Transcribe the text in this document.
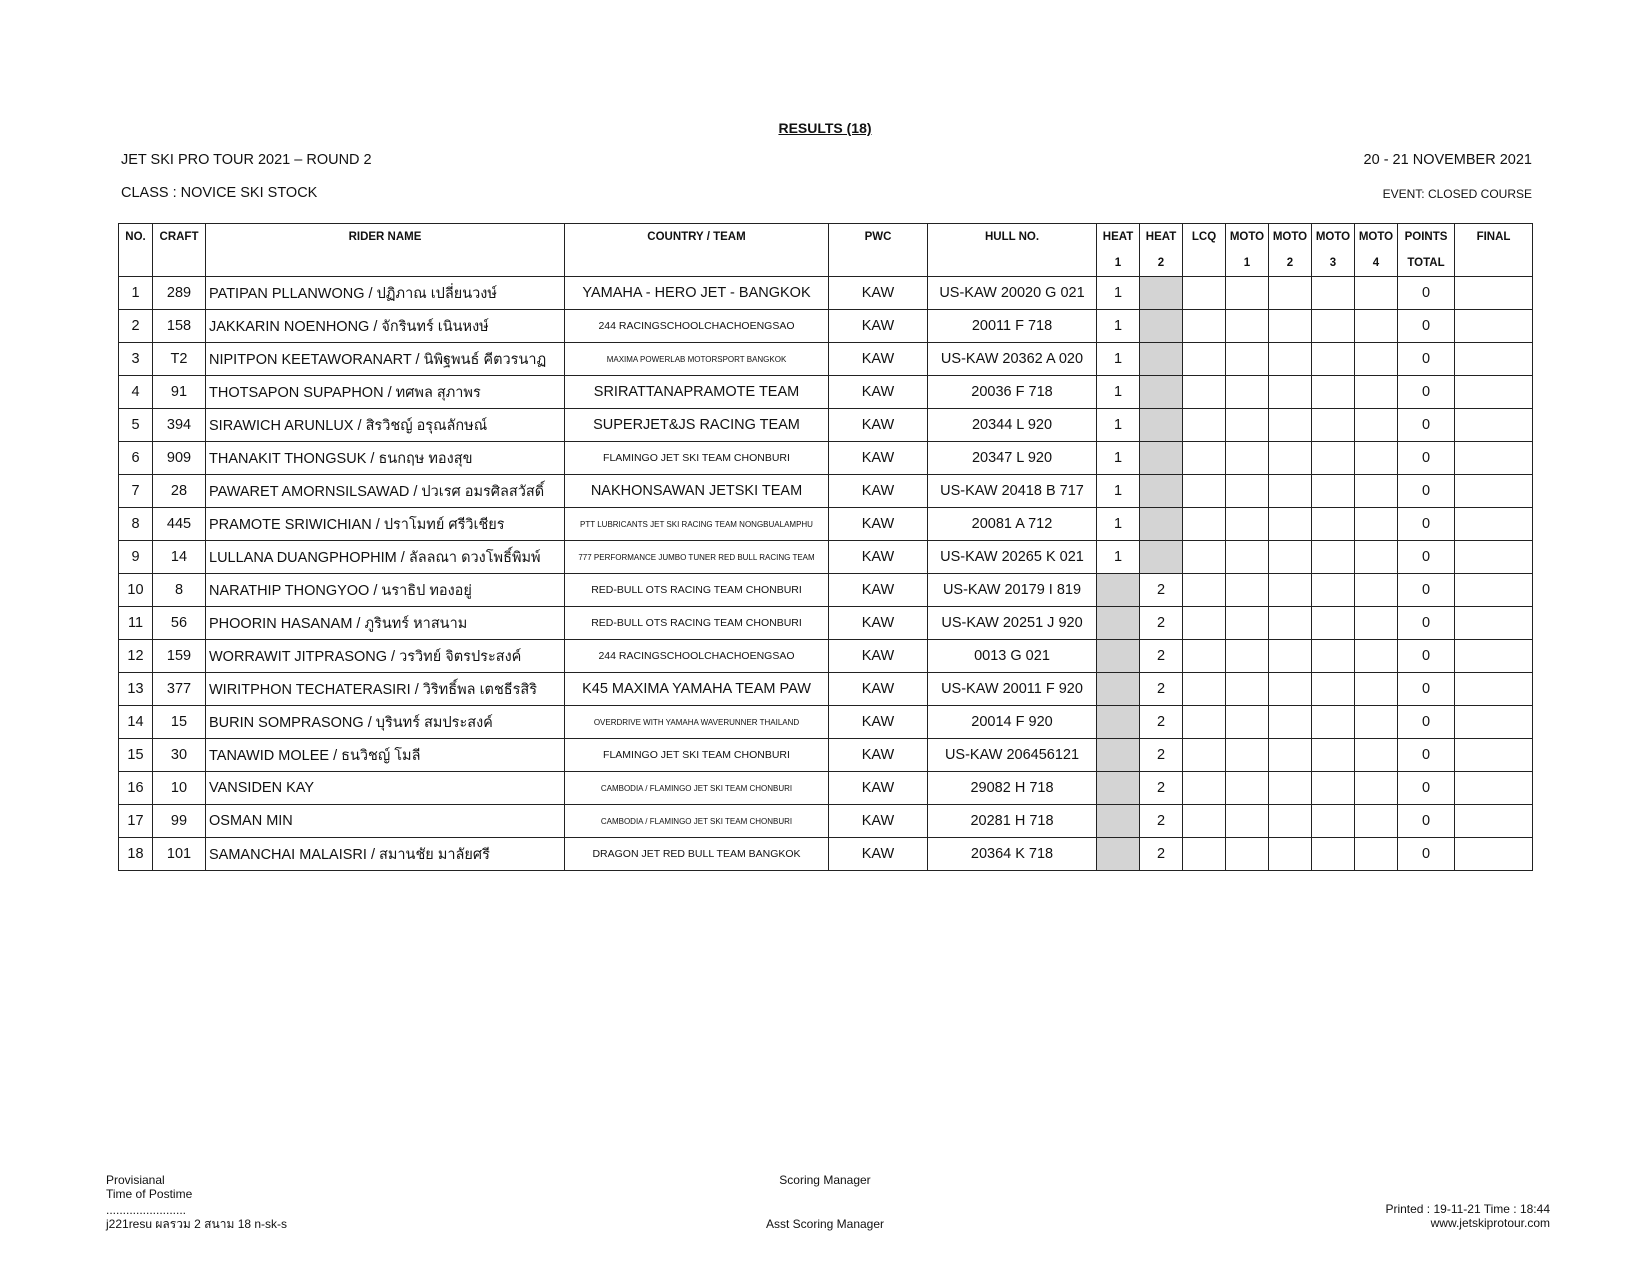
RESULTS (18)
JET SKI PRO TOUR 2021 – ROUND 2	20 - 21 NOVEMBER 2021
CLASS : NOVICE SKI STOCK	EVENT: CLOSED COURSE
NO.	CRAFT	RIDER NAME	COUNTRY / TEAM	PWC	HULL NO.	HEAT	HEAT	LCQ	MOTO	MOTO	MOTO	MOTO	POINTS	FINAL
						1	2		1	2	3	4	TOTAL	
1	289	PATIPAN PLLANWONG / ปฏิภาณ เปลี่ยนวงษ์	YAMAHA - HERO JET - BANGKOK	KAW	US-KAW 20020 G 021	1							0	
2	158	JAKKARIN NOENHONG / จักรินทร์ เนินหงษ์	244 RACINGSCHOOLCHACHOENGSAO	KAW	20011 F 718	1							0	
3	T2	NIPITPON KEETAWORANART / นิพิฐพนธ์ คีตวรนาฏ	MAXIMA POWERLAB MOTORSPORT BANGKOK	KAW	US-KAW 20362 A 020	1							0	
4	91	THOTSAPON SUPAPHON / ทศพล สุภาพร	SRIRATTANAPRAMOTE TEAM	KAW	20036 F 718	1							0	
5	394	SIRAWICH ARUNLUX / สิรวิชญ์ อรุณลักษณ์	SUPERJET&JS RACING TEAM	KAW	20344 L 920	1							0	
6	909	THANAKIT THONGSUK / ธนกฤษ ทองสุข	FLAMINGO JET SKI TEAM CHONBURI	KAW	20347 L 920	1							0	
7	28	PAWARET AMORNSILSAWAD / ปวเรศ อมรศิลสวัสดิ์	NAKHONSAWAN JETSKI TEAM	KAW	US-KAW 20418 B 717	1							0	
8	445	PRAMOTE SRIWICHIAN / ปราโมทย์ ศรีวิเชียร	PTT LUBRICANTS JET SKI RACING TEAM NONGBUALAMPHU	KAW	20081 A 712	1							0	
9	14	LULLANA DUANGPHOPHIM / ลัลลณา ดวงโพธิ์พิมพ์	777 PERFORMANCE JUMBO TUNER RED BULL RACING TEAM	KAW	US-KAW 20265 K 021	1							0	
10	8	NARATHIP THONGYOO / นราธิป ทองอยู่	RED-BULL OTS RACING TEAM CHONBURI	KAW	US-KAW 20179 I 819		2						0	
11	56	PHOORIN HASANAM / ภูรินทร์ หาสนาม	RED-BULL OTS RACING TEAM CHONBURI	KAW	US-KAW 20251 J 920		2						0	
12	159	WORRAWIT JITPRASONG / วรวิทย์ จิตรประสงค์	244 RACINGSCHOOLCHACHOENGSAO	KAW	0013 G 021		2						0	
13	377	WIRITPHON TECHATERASIRI / วิริทธิ์พล เตชธีรสิริ	K45 MAXIMA YAMAHA TEAM PAW	KAW	US-KAW 20011 F 920		2						0	
14	15	BURIN SOMPRASONG / บุรินทร์ สมประสงค์	OVERDRIVE WITH YAMAHA WAVERUNNER THAILAND	KAW	20014 F 920		2						0	
15	30	TANAWID MOLEE / ธนวิชญ์ โมลี	FLAMINGO JET SKI TEAM CHONBURI	KAW	US-KAW 206456121		2						0	
16	10	VANSIDEN KAY	CAMBODIA / FLAMINGO JET SKI TEAM CHONBURI	KAW	29082 H 718		2						0	
17	99	OSMAN MIN	CAMBODIA / FLAMINGO JET SKI TEAM CHONBURI	KAW	20281 H 718		2						0	
18	101	SAMANCHAI MALAISRI / สมานชัย มาลัยศรี	DRAGON JET RED BULL TEAM BANGKOK	KAW	20364 K 718		2						0	
Provisianal
Time of Postime
........................
j221resu ผลรวม 2 สนาม 18 n-sk-s
Scoring Manager
Asst Scoring Manager
Printed : 19-11-21 Time : 18:44
www.jetskiprotour.com
